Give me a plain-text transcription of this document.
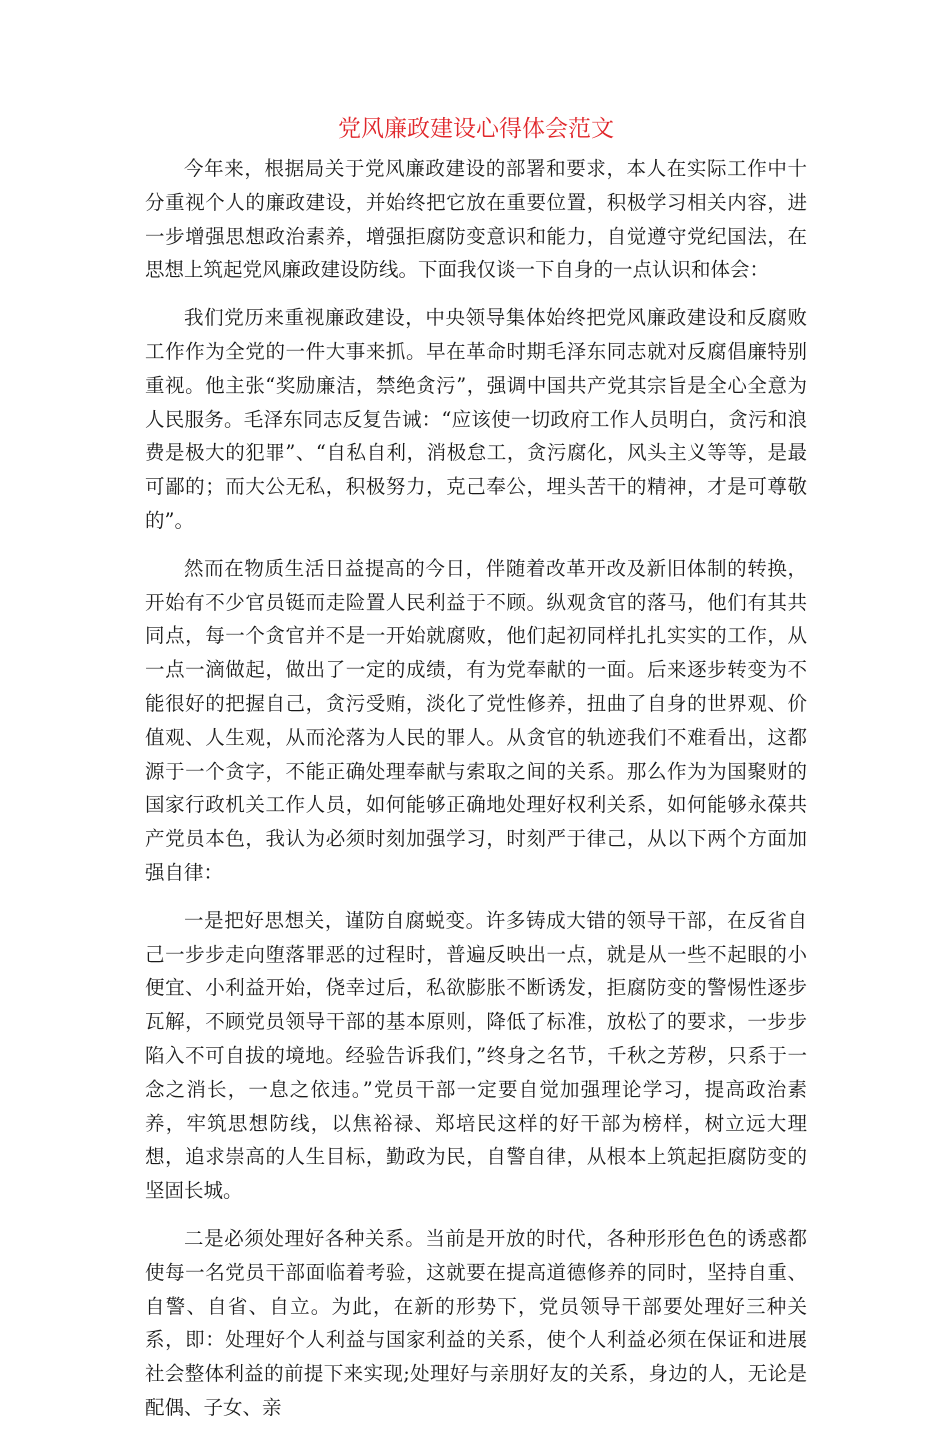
党风廉政建设心得体会范文

今年来，根据局关于党风廉政建设的部署和要求，本人在实际工作中十分重视个人的廉政建设，并始终把它放在重要位置，积极学习相关内容，进一步增强思想政治素养，增强拒腐防变意识和能力，自觉遵守党纪国法，在思想上筑起党风廉政建设防线。下面我仅谈一下自身的一点认识和体会：

我们党历来重视廉政建设，中央领导集体始终把党风廉政建设和反腐败工作作为全党的一件大事来抓。早在革命时期毛泽东同志就对反腐倡廉特别重视。他主张“奖励廉洁，禁绝贪污”，强调中国共产党其宗旨是全心全意为人民服务。毛泽东同志反复告诫：“应该使一切政府工作人员明白，贪污和浪费是极大的犯罪”、“自私自利，消极怠工，贪污腐化，风头主义等等，是最可鄙的；而大公无私，积极努力，克己奉公，埋头苦干的精神，才是可尊敬的”。

然而在物质生活日益提高的今日，伴随着改革开改及新旧体制的转换，开始有不少官员铤而走险置人民利益于不顾。纵观贪官的落马，他们有其共同点，每一个贪官并不是一开始就腐败，他们起初同样扎扎实实的工作，从一点一滴做起，做出了一定的成绩，有为党奉献的一面。后来逐步转变为不能很好的把握自己，贪污受贿，淡化了党性修养，扭曲了自身的世界观、价值观、人生观，从而沦落为人民的罪人。从贪官的轨迹我们不难看出，这都源于一个贪字，不能正确处理奉献与索取之间的关系。那么作为为国聚财的国家行政机关工作人员，如何能够正确地处理好权利关系，如何能够永葆共产党员本色，我认为必须时刻加强学习，时刻严于律己，从以下两个方面加强自律：

一是把好思想关，谨防自腐蜕变。许多铸成大错的领导干部，在反省自己一步步走向堕落罪恶的过程时，普遍反映出一点，就是从一些不起眼的小便宜、小利益开始，侥幸过后，私欲膨胀不断诱发，拒腐防变的警惕性逐步瓦解，不顾党员领导干部的基本原则，降低了标准，放松了的要求，一步步陷入不可自拔的境地。经验告诉我们，”终身之名节，千秋之芳秽，只系于一念之消长，一息之依违。”党员干部一定要自觉加强理论学习，提高政治素养，牢筑思想防线，以焦裕禄、郑培民这样的好干部为榜样，树立远大理想，追求崇高的人生目标，勤政为民，自警自律，从根本上筑起拒腐防变的坚固长城。

二是必须处理好各种关系。当前是开放的时代，各种形形色色的诱惑都使每一名党员干部面临着考验，这就要在提高道德修养的同时，坚持自重、自警、自省、自立。为此，在新的形势下，党员领导干部要处理好三种关系，即：处理好个人利益与国家利益的关系，使个人利益必须在保证和进展社会整体利益的前提下来实现;处理好与亲朋好友的关系，身边的人，无论是配偶、子女、亲
